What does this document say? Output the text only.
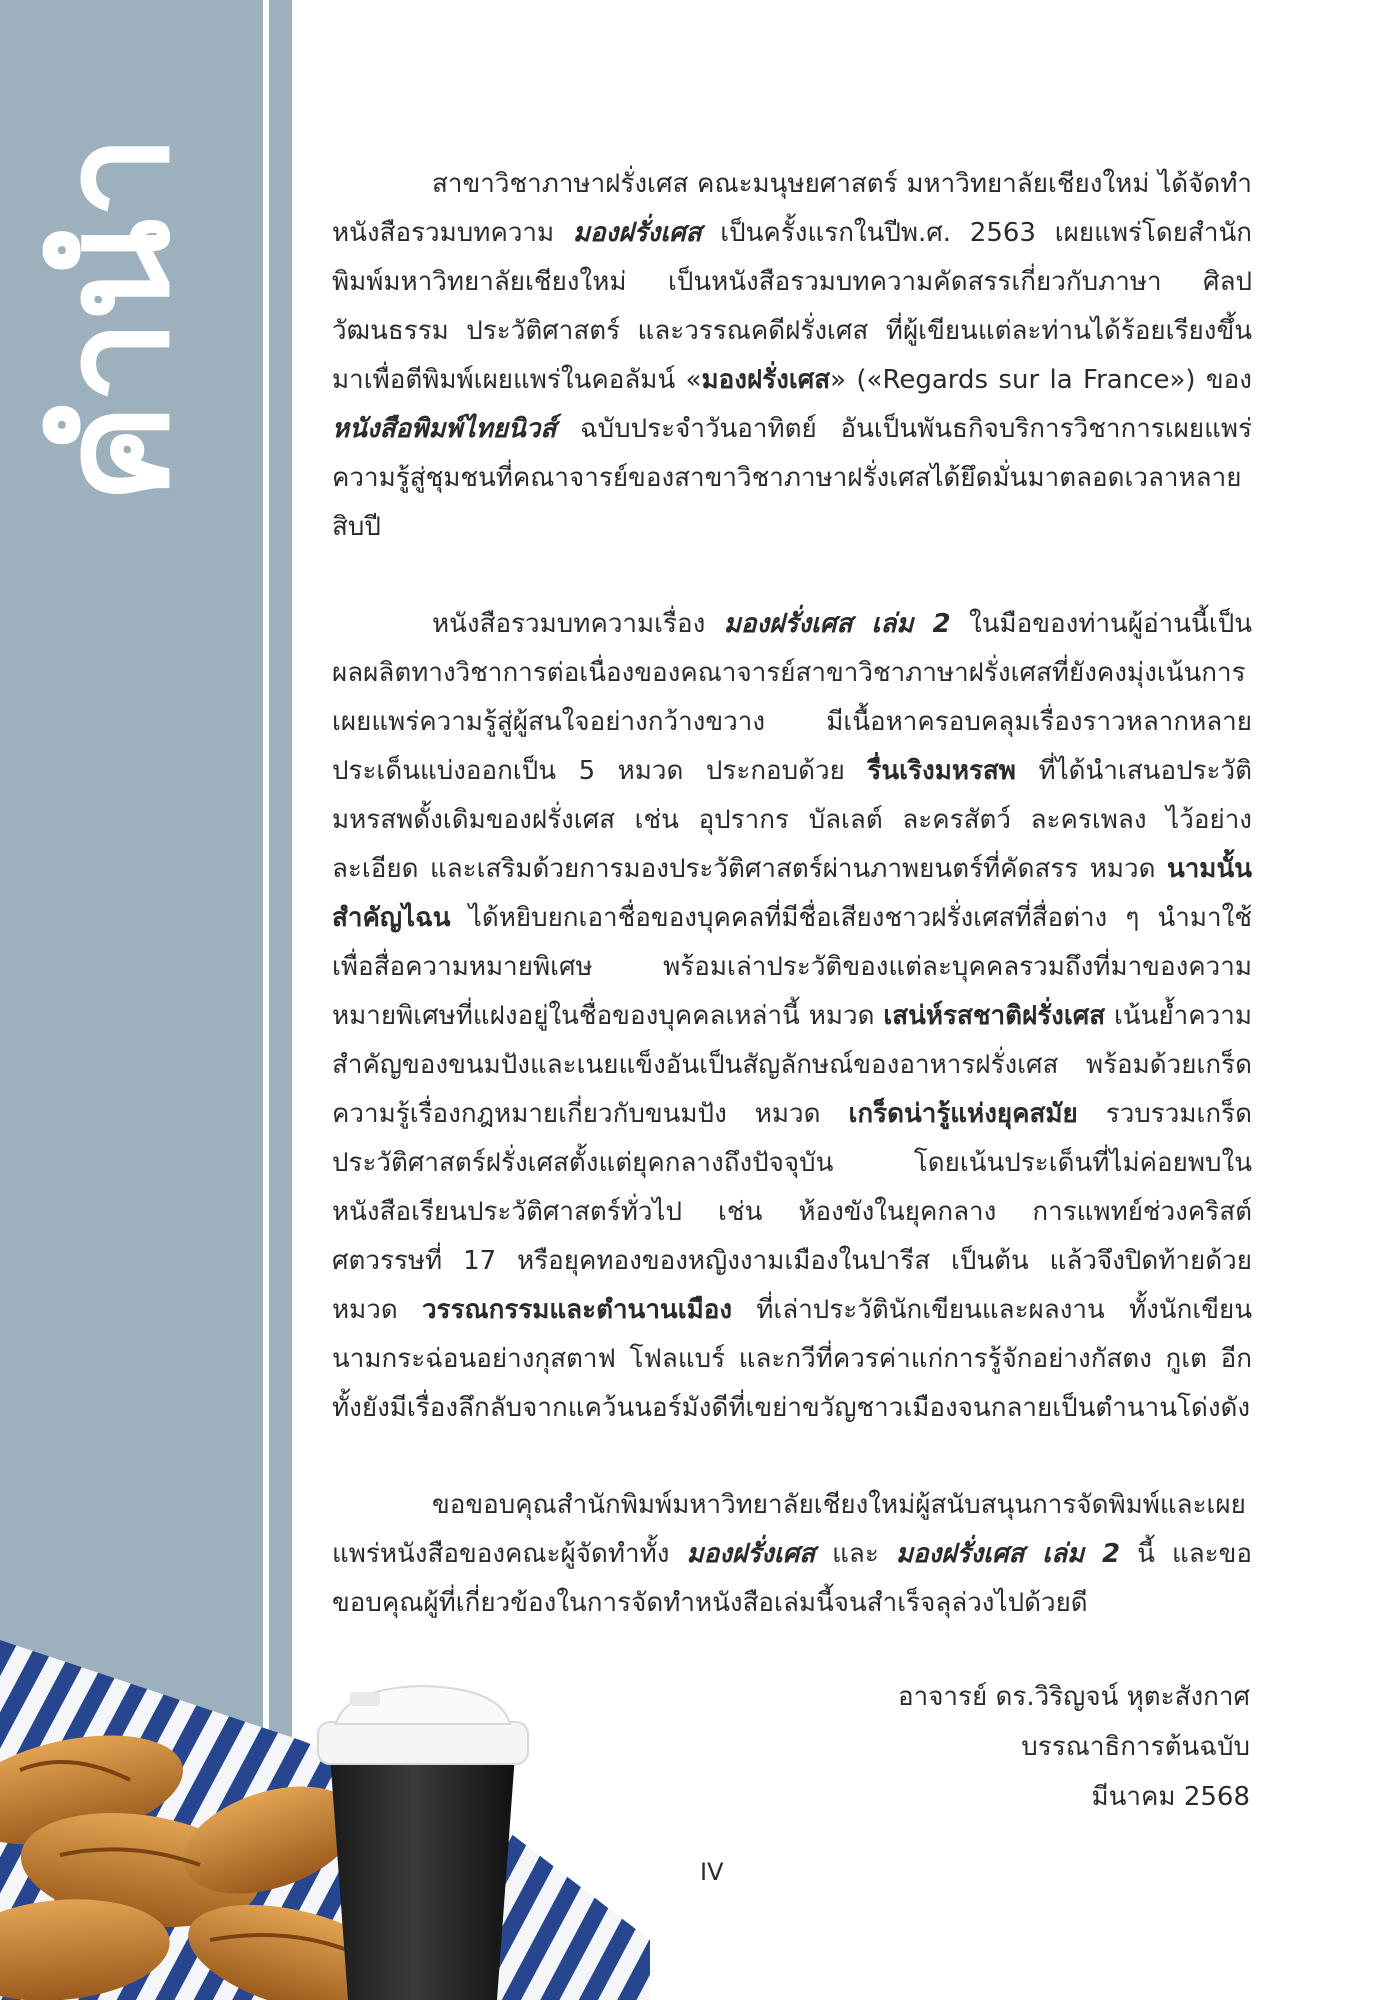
คำนำ	สาขาวิชาภาษาฝรั่งเศส คณะมนุษยศาสตร์ มหาวิทยาลัยเชียงใหม่ ได้จัดทำหนังสือรวมบทความ มองฝรั่งเศส เป็นครั้งแรกในปีพ.ศ. 2563 เผยแพร่โดยสำนักพิมพ์มหาวิทยาลัยเชียงใหม่ เป็นหนังสือรวมบทความคัดสรรเกี่ยวกับภาษา ศิลปวัฒนธรรม ประวัติศาสตร์ และวรรณคดีฝรั่งเศส ที่ผู้เขียนแต่ละท่านได้ร้อยเรียงขึ้นมาเพื่อตีพิมพ์เผยแพร่ในคอลัมน์ «มองฝรั่งเศส» («Regards sur la France») ของหนังสือพิมพ์ไทยนิวส์ ฉบับประจำวันอาทิตย์ อันเป็นพันธกิจบริการวิชาการเผยแพร่ความรู้สู่ชุมชนที่คณาจารย์ของสาขาวิชาภาษาฝรั่งเศสได้ยึดมั่นมาตลอดเวลาหลายสิบปี

หนังสือรวมบทความเรื่อง มองฝรั่งเศส เล่ม 2 ในมือของท่านผู้อ่านนี้เป็นผลผลิตทางวิชาการต่อเนื่องของคณาจารย์สาขาวิชาภาษาฝรั่งเศสที่ยังคงมุ่งเน้นการเผยแพร่ความรู้สู่ผู้สนใจอย่างกว้างขวาง มีเนื้อหาครอบคลุมเรื่องราวหลากหลายประเด็นแบ่งออกเป็น 5 หมวด ประกอบด้วย รื่นเริงมหรสพ ที่ได้นำเสนอประวัติมหรสพดั้งเดิมของฝรั่งเศส เช่น อุปรากร บัลเลต์ ละครสัตว์ ละครเพลง ไว้อย่างละเอียด และเสริมด้วยการมองประวัติศาสตร์ผ่านภาพยนตร์ที่คัดสรร หมวด นามนั้นสำคัญไฉน ได้หยิบยกเอาชื่อของบุคคลที่มีชื่อเสียงชาวฝรั่งเศสที่สื่อต่าง ๆ นำมาใช้เพื่อสื่อความหมายพิเศษ พร้อมเล่าประวัติของแต่ละบุคคลรวมถึงที่มาของความหมายพิเศษที่แฝงอยู่ในชื่อของบุคคลเหล่านี้ หมวด เสน่ห์รสชาติฝรั่งเศส เน้นย้ำความสำคัญของขนมปังและเนยแข็งอันเป็นสัญลักษณ์ของอาหารฝรั่งเศส พร้อมด้วยเกร็ดความรู้เรื่องกฎหมายเกี่ยวกับขนมปัง หมวด เกร็ดน่ารู้แห่งยุคสมัย รวบรวมเกร็ดประวัติศาสตร์ฝรั่งเศสตั้งแต่ยุคกลางถึงปัจจุบัน โดยเน้นประเด็นที่ไม่ค่อยพบในหนังสือเรียนประวัติศาสตร์ทั่วไป เช่น ห้องขังในยุคกลาง การแพทย์ช่วงคริสต์ศตวรรษที่ 17 หรือยุคทองของหญิงงามเมืองในปารีส เป็นต้น แล้วจึงปิดท้ายด้วยหมวด วรรณกรรมและตำนานเมือง ที่เล่าประวัตินักเขียนและผลงาน ทั้งนักเขียนนามกระฉ่อนอย่างกุสตาฟ โฟลแบร์ และกวีที่ควรค่าแก่การรู้จักอย่างกัสตง กูเต อีกทั้งยังมีเรื่องลึกลับจากแคว้นนอร์มังดีที่เขย่าขวัญชาวเมืองจนกลายเป็นตำนานโด่งดัง

ขอขอบคุณสำนักพิมพ์มหาวิทยาลัยเชียงใหม่ผู้สนับสนุนการจัดพิมพ์และเผยแพร่หนังสือของคณะผู้จัดทำทั้ง มองฝรั่งเศส และ มองฝรั่งเศส เล่ม 2 นี้ และขอขอบคุณผู้ที่เกี่ยวข้องในการจัดทำหนังสือเล่มนี้จนสำเร็จลุล่วงไปด้วยดี

อาจารย์ ดร.วิริญจน์ หุตะสังกาศ
บรรณาธิการต้นฉบับ
มีนาคม 2568
IV
